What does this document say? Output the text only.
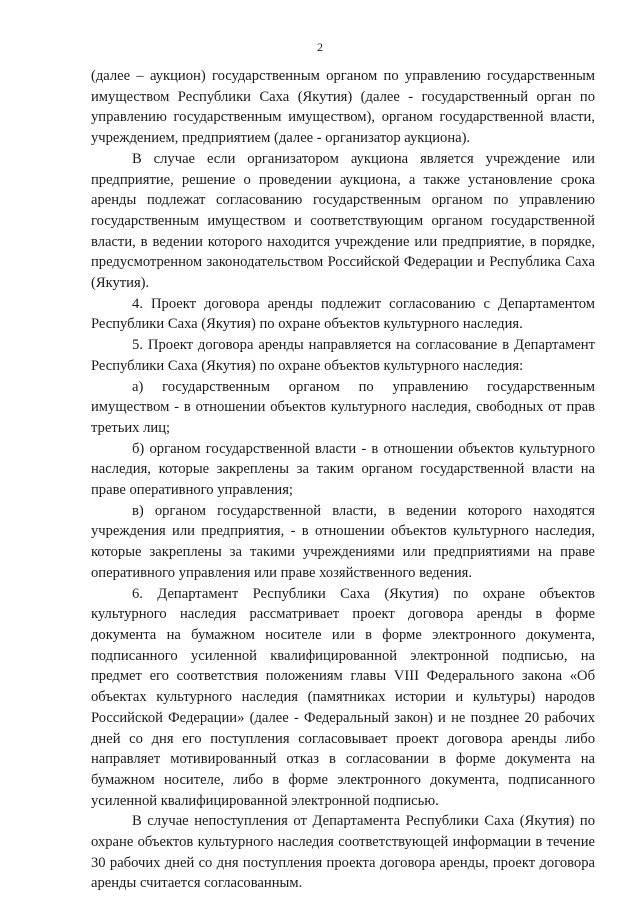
2

(далее – аукцион) государственным органом по управлению государственным имуществом Республики Саха (Якутия) (далее - государственный орган по управлению государственным имуществом), органом государственной власти, учреждением, предприятием (далее - организатор аукциона).

В случае если организатором аукциона является учреждение или предприятие, решение о проведении аукциона, а также установление срока аренды подлежат согласованию государственным органом по управлению государственным имуществом и соответствующим органом государственной власти, в ведении которого находится учреждение или предприятие, в порядке, предусмотренном законодательством Российской Федерации и Республика Саха (Якутия).

4. Проект договора аренды подлежит согласованию с Департаментом Республики Саха (Якутия) по охране объектов культурного наследия.

5. Проект договора аренды направляется на согласование в Департамент Республики Саха (Якутия) по охране объектов культурного наследия:

а) государственным органом по управлению государственным имуществом - в отношении объектов культурного наследия, свободных от прав третьих лиц;

б) органом государственной власти - в отношении объектов культурного наследия, которые закреплены за таким органом государственной власти на праве оперативного управления;

в) органом государственной власти, в ведении которого находятся учреждения или предприятия, - в отношении объектов культурного наследия, которые закреплены за такими учреждениями или предприятиями на праве оперативного управления или праве хозяйственного ведения.

6. Департамент Республики Саха (Якутия) по охране объектов культурного наследия рассматривает проект договора аренды в форме документа на бумажном носителе или в форме электронного документа, подписанного усиленной квалифицированной электронной подписью, на предмет его соответствия положениям главы VIII Федерального закона «Об объектах культурного наследия (памятниках истории и культуры) народов Российской Федерации» (далее - Федеральный закон) и не позднее 20 рабочих дней со дня его поступления согласовывает проект договора аренды либо направляет мотивированный отказ в согласовании в форме документа на бумажном носителе, либо в форме электронного документа, подписанного усиленной квалифицированной электронной подписью.

В случае непоступления от Департамента Республики Саха (Якутия) по охране объектов культурного наследия соответствующей информации в течение 30 рабочих дней со дня поступления проекта договора аренды, проект договора аренды считается согласованным.
